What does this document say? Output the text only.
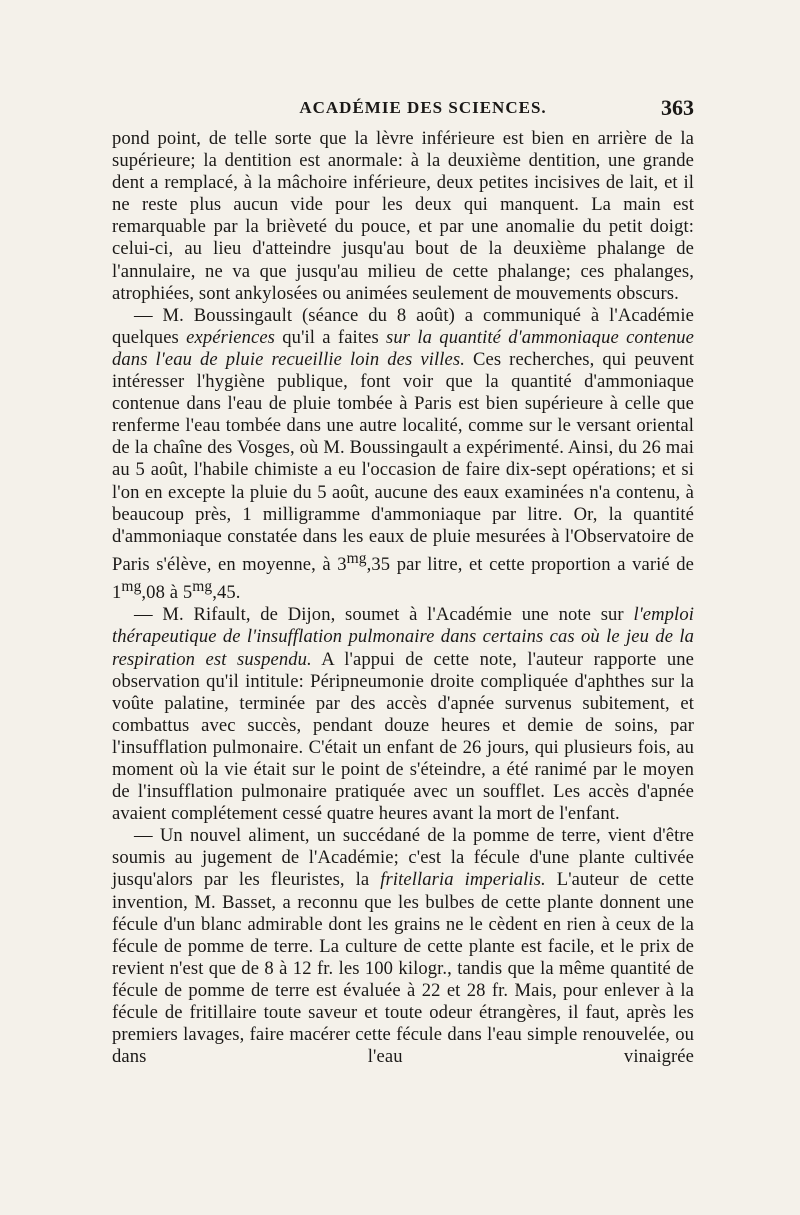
ACADÉMIE DES SCIENCES.	363

pond point, de telle sorte que la lèvre inférieure est bien en arrière de la supérieure; la dentition est anormale: à la deuxième dentition, une grande dent a remplacé, à la mâchoire inférieure, deux petites incisives de lait, et il ne reste plus aucun vide pour les deux qui manquent. La main est remarquable par la brièveté du pouce, et par une anomalie du petit doigt: celui-ci, au lieu d'atteindre jusqu'au bout de la deuxième phalange de l'annulaire, ne va que jusqu'au milieu de cette phalange; ces phalanges, atrophiées, sont ankylosées ou animées seulement de mouvements obscurs.

— M. Boussingault (séance du 8 août) a communiqué à l'Académie quelques expériences qu'il a faites sur la quantité d'ammoniaque contenue dans l'eau de pluie recueillie loin des villes. Ces recherches, qui peuvent intéresser l'hygiène publique, font voir que la quantité d'ammoniaque contenue dans l'eau de pluie tombée à Paris est bien supérieure à celle que renferme l'eau tombée dans une autre localité, comme sur le versant oriental de la chaîne des Vosges, où M. Boussingault a expérimenté. Ainsi, du 26 mai au 5 août, l'habile chimiste a eu l'occasion de faire dix-sept opérations; et si l'on en excepte la pluie du 5 août, aucune des eaux examinées n'a contenu, à beaucoup près, 1 milligramme d'ammoniaque par litre. Or, la quantité d'ammoniaque constatée dans les eaux de pluie mesurées à l'Observatoire de Paris s'élève, en moyenne, à $3^{mg},35$ par litre, et cette proportion a varié de $1^{mg},08$ à $5^{mg},45$.

— M. Rifault, de Dijon, soumet à l'Académie une note sur l'emploi thérapeutique de l'insufflation pulmonaire dans certains cas où le jeu de la respiration est suspendu. A l'appui de cette note, l'auteur rapporte une observation qu'il intitule: Péripneumonie droite compliquée d'aphthes sur la voûte palatine, terminée par des accès d'apnée survenus subitement, et combattus avec succès, pendant douze heures et demie de soins, par l'insufflation pulmonaire. C'était un enfant de 26 jours, qui plusieurs fois, au moment où la vie était sur le point de s'éteindre, a été ranimé par le moyen de l'insufflation pulmonaire pratiquée avec un soufflet. Les accès d'apnée avaient complétement cessé quatre heures avant la mort de l'enfant.

— Un nouvel aliment, un succédané de la pomme de terre, vient d'être soumis au jugement de l'Académie; c'est la fécule d'une plante cultivée jusqu'alors par les fleuristes, la fritellaria imperialis. L'auteur de cette invention, M. Basset, a reconnu que les bulbes de cette plante donnent une fécule d'un blanc admirable dont les grains ne le cèdent en rien à ceux de la fécule de pomme de terre. La culture de cette plante est facile, et le prix de revient n'est que de 8 à 12 fr. les 100 kilogr., tandis que la même quantité de fécule de pomme de terre est évaluée à 22 et 28 fr. Mais, pour enlever à la fécule de fritillaire toute saveur et toute odeur étrangères, il faut, après les premiers lavages, faire macérer cette fécule dans l'eau simple renouvelée, ou dans l'eau vinaigrée
